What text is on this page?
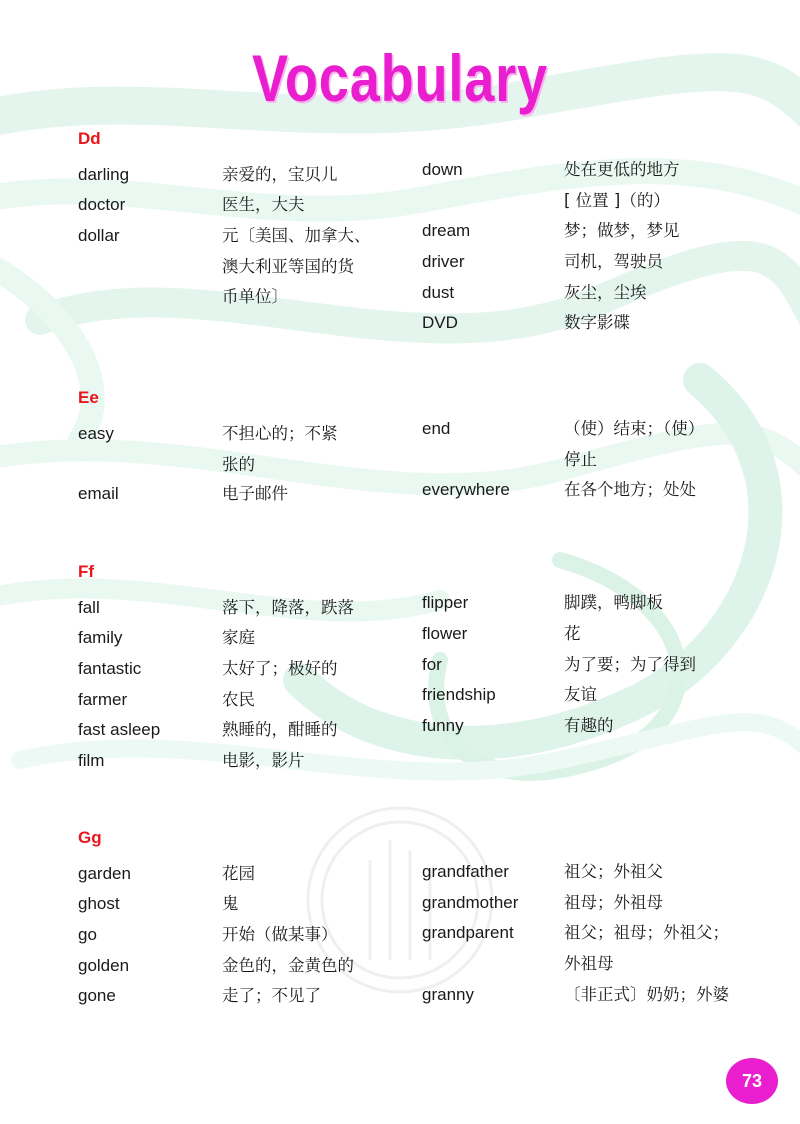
Vocabulary
Dd
darling	亲爱的，宝贝儿
doctor	医生，大夫
dollar	元〔美国、加拿大、
澳大利亚等国的货
币单位〕
down	处在更低的地方
[ 位置 ]（的）
dream	梦；做梦，梦见
driver	司机，驾驶员
dust	灰尘，尘埃
DVD	数字影碟
Ee
easy	不担心的；不紧
张的
email	电子邮件
end	（使）结束；（使）
停止
everywhere	在各个地方；处处
Ff
fall	落下，降落，跌落
family	家庭
fantastic	太好了；极好的
farmer	农民
fast asleep	熟睡的，酣睡的
film	电影，影片
flipper	脚蹼，鸭脚板
flower	花
for	为了要；为了得到
friendship	友谊
funny	有趣的
Gg
garden	花园
ghost	鬼
go	开始（做某事）
golden	金色的，金黄色的
gone	走了；不见了
grandfather	祖父；外祖父
grandmother	祖母；外祖母
grandparent	祖父；祖母；外祖父；
外祖母
granny	〔非正式〕奶奶；外婆
73
